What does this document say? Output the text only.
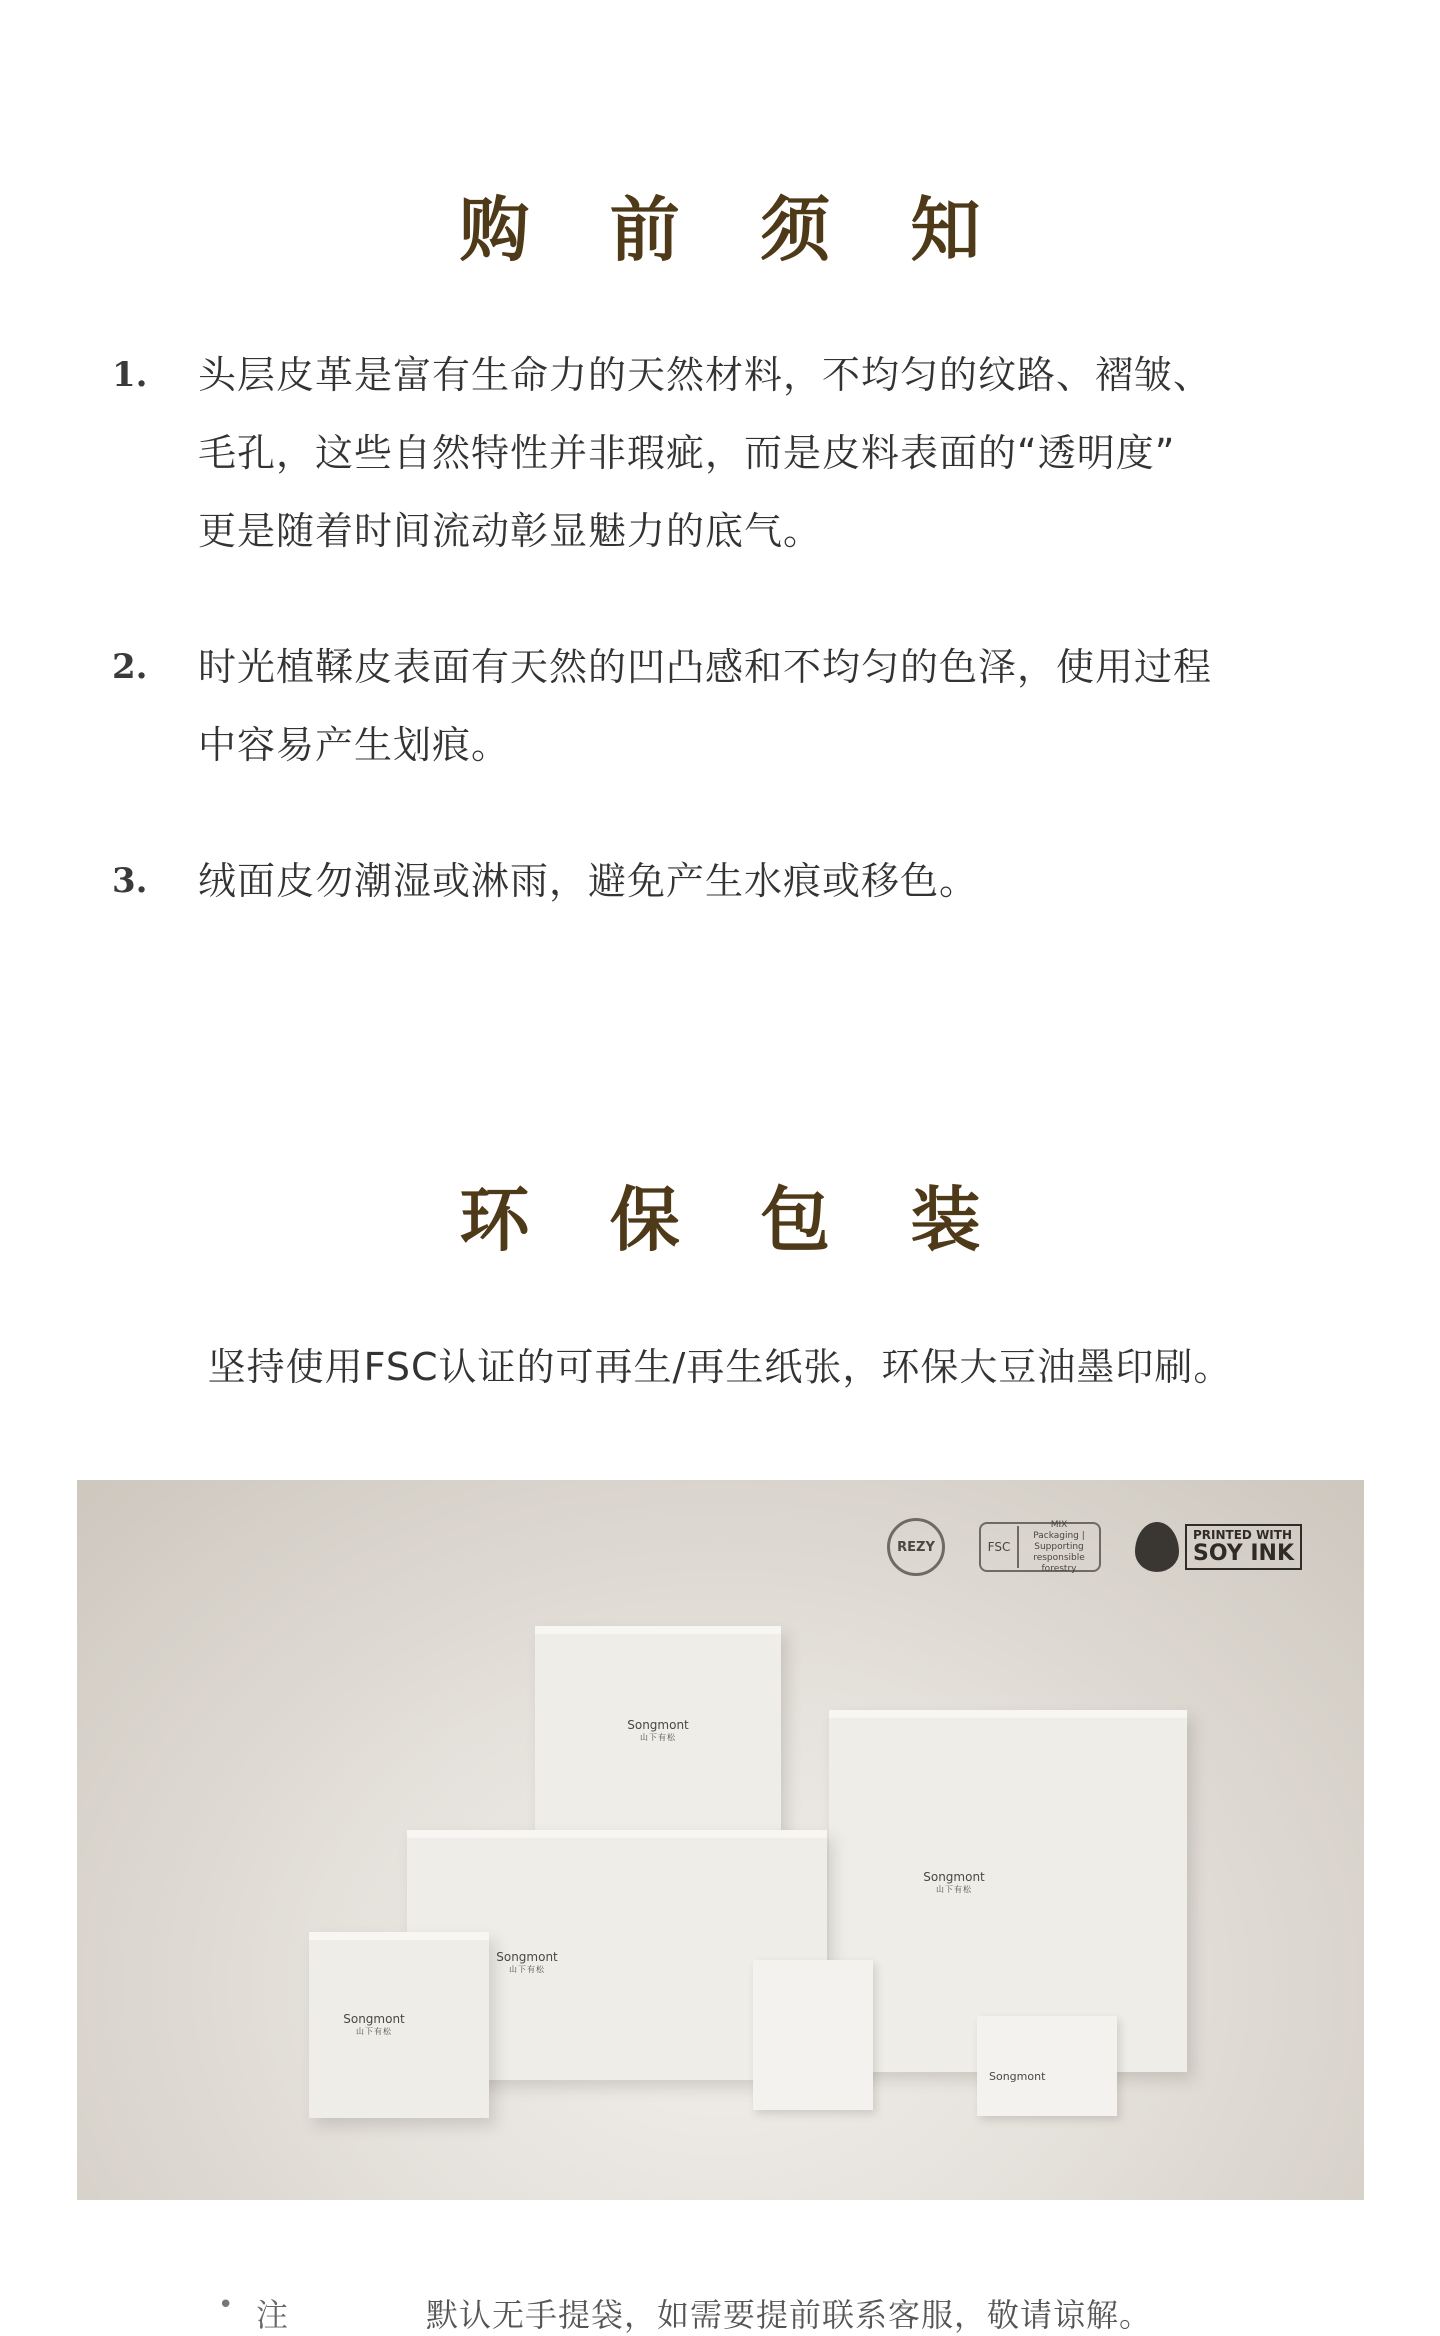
购 前 须 知
1.	头层皮革是富有生命力的天然材料，不均匀的纹路、褶皱、
毛孔，这些自然特性并非瑕疵，而是皮料表面的“透明度”
更是随着时间流动彰显魅力的底气。
2.	时光植鞣皮表面有天然的凹凸感和不均匀的色泽，使用过程
中容易产生划痕。
3.	绒面皮勿潮湿或淋雨，避免产生水痕或移色。
环 保 包 装
坚持使用FSC认证的可再生/再生纸张，环保大豆油墨印刷。
REZY	FSC
MIX
Packaging | Supporting responsible forestry
PRINTED WITH
SOY INK
Songmont
山下有松
Songmont
山下有松
Songmont
山下有松
Songmont
山下有松
Songmont
• 注	默认无手提袋，如需要提前联系客服，敬请谅解。
